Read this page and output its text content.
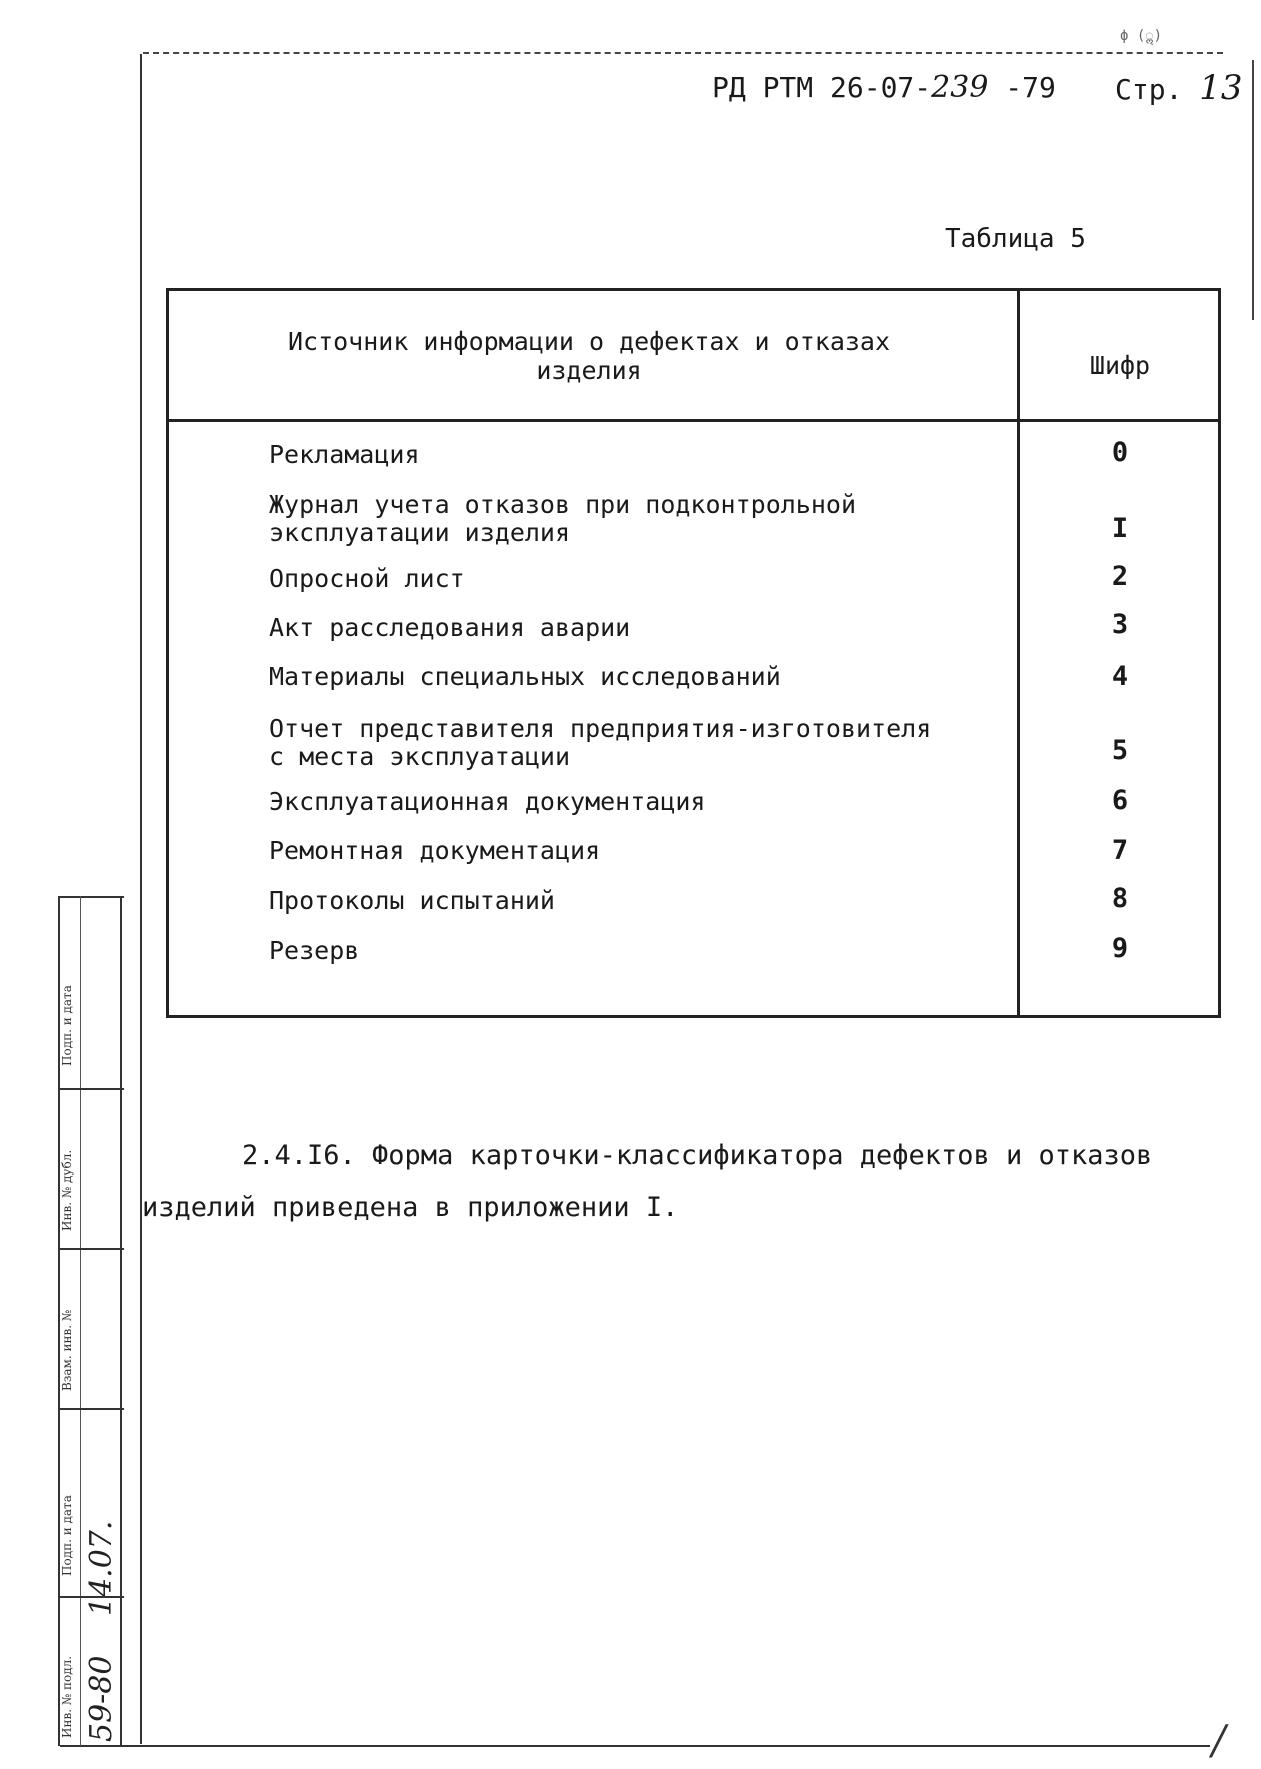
ϕ (ॢ)
РД РТМ 26-07-239 -79 Стр. 13
Таблица 5
Источник информации о дефектах и отказах изделия	Шифр
Рекламация	0
Журнал учета отказов при подконтрольной
эксплуатации изделия	I
Опросной лист	2
Акт расследования аварии	3
Материалы специальных исследований	4
Отчет представителя предприятия-изготовителя
с места эксплуатации	5
Эксплуатационная документация	6
Ремонтная документация	7
Протоколы испытаний	8
Резерв	9
2.4.I6. Форма карточки-классификатора дефектов и отказов
изделий приведена в приложении I.
Подп. и дата
Инв. № дубл.
Взам. инв. №
Подп. и дата 14.07.
Инв. № подл. 59-80	/
